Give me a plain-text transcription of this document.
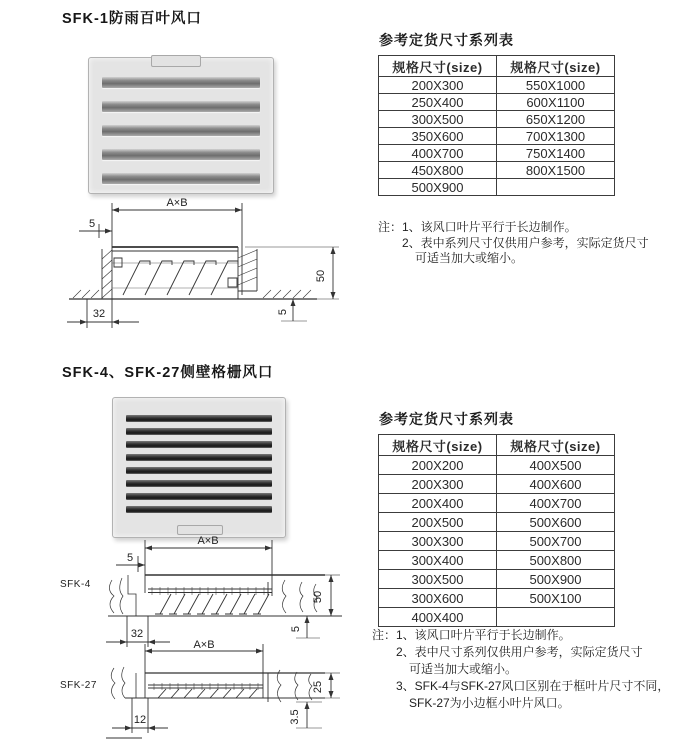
SFK-1防雨百叶风口
A×B
5
50
32	5
参考定货尺寸系列表
规格尺寸(size)	规格尺寸(size)
200X300	550X1000
250X400	600X1100
300X500	650X1200
350X600	700X1300
400X700	750X1400
450X800	800X1500
500X900	
注：1、该风口叶片平行于长边制作。
2、表中系列尺寸仅供用户参考，实际定货尺寸
可适当加大或缩小。
SFK-4、SFK-27侧壁格栅风口
SFK-4
A×B
5
50
32	5
SFK-27
A×B
25
12	3.5
参考定货尺寸系列表
规格尺寸(size)	规格尺寸(size)
200X200	400X500
200X300	400X600
200X400	400X700
200X500	500X600
300X300	500X700
300X400	500X800
300X500	500X900
300X600	500X100
400X400	
注：1、该风口叶片平行于长边制作。
2、表中尺寸系列仅供用户参考，实际定货尺寸
可适当加大或缩小。
3、SFK-4与SFK-27风口区别在于框叶片尺寸不同，
SFK-27为小边框小叶片风口。
